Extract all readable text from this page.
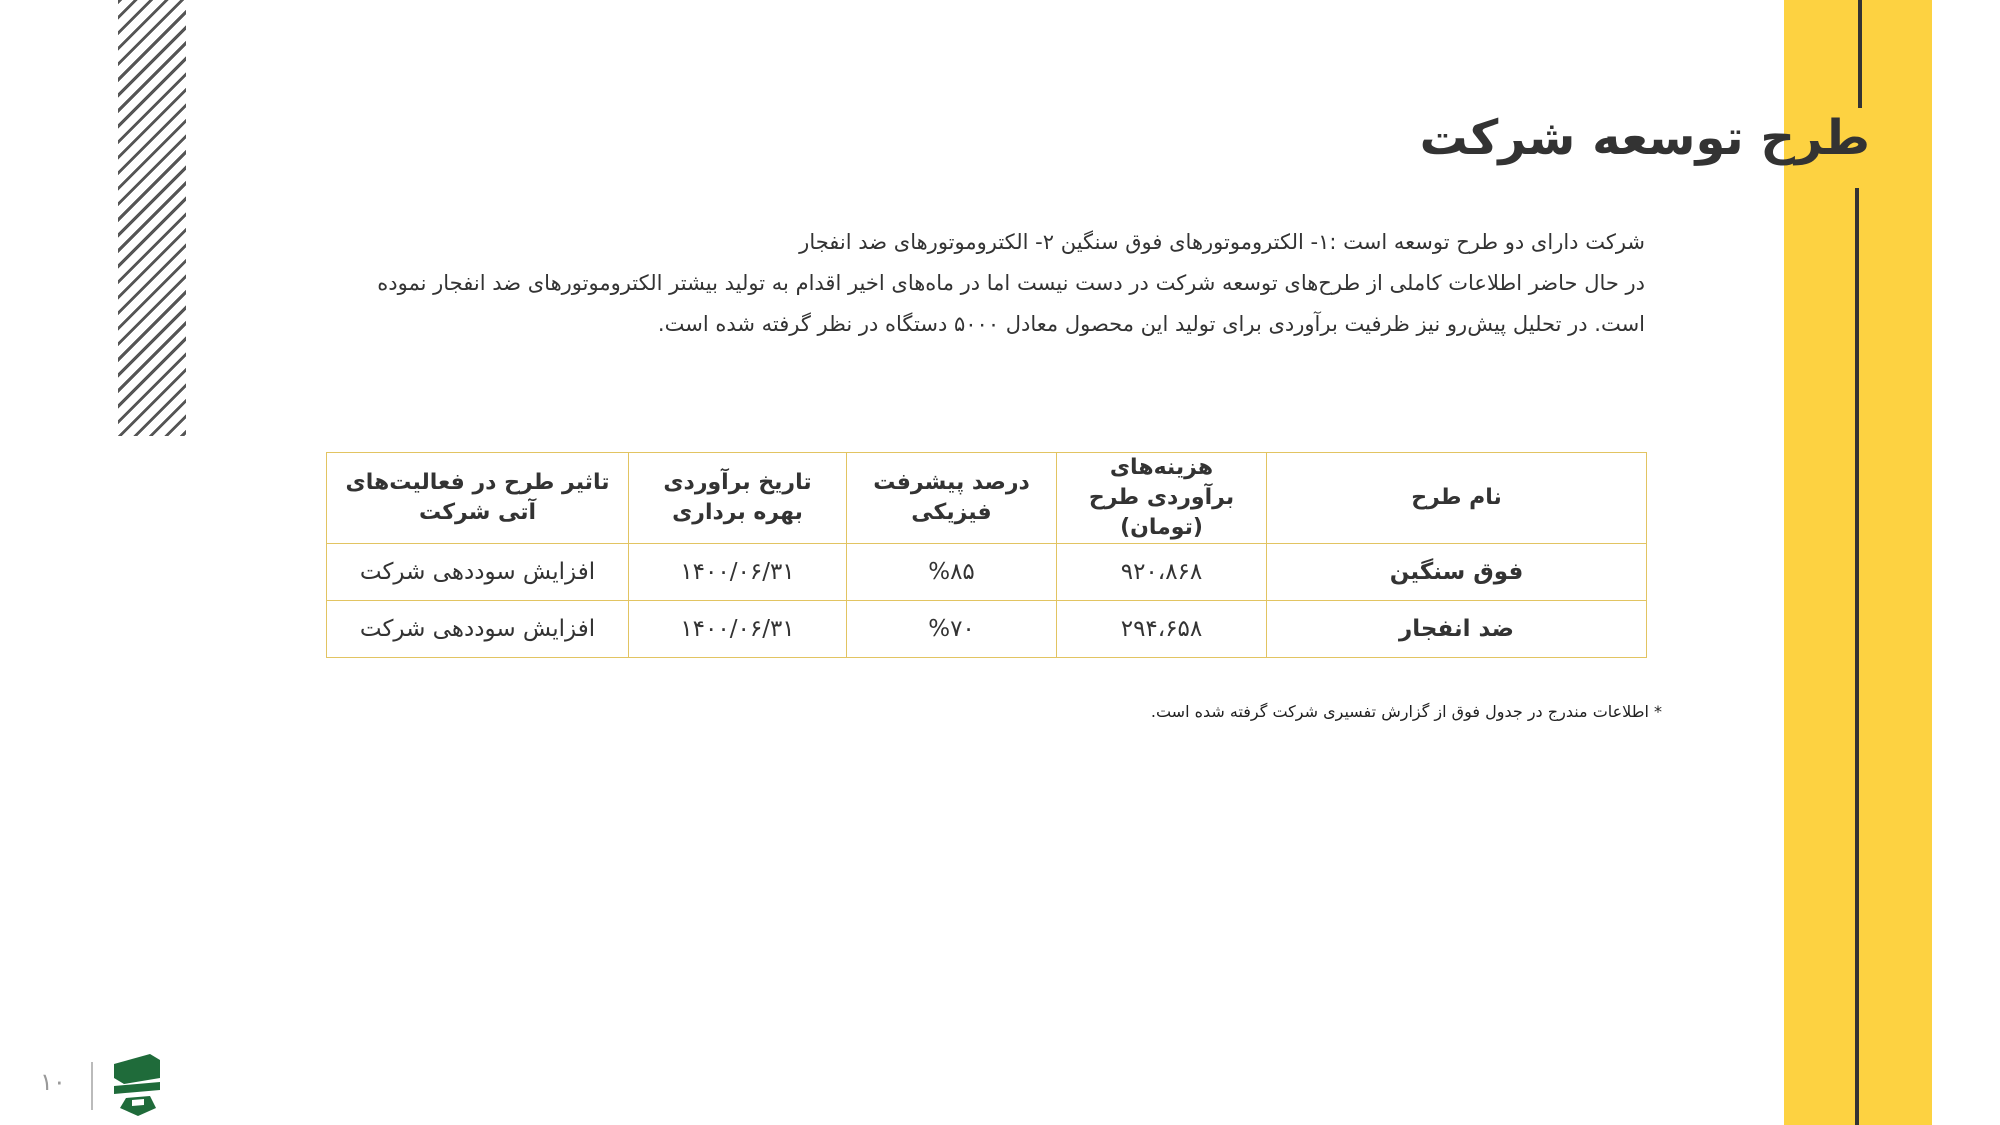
طرح توسعه شرکت

شرکت دارای دو طرح توسعه است :۱- الکتروموتورهای فوق سنگین ۲- الکتروموتورهای ضد انفجار

در حال حاضر اطلاعات کاملی از طرح‌های توسعه شرکت در دست نیست اما در ماه‌های اخیر اقدام به تولید بیشتر الکتروموتورهای ضد انفجار نموده

است. در تحلیل پیش‌رو نیز ظرفیت برآوردی برای تولید این محصول معادل ۵۰۰۰ دستگاه در نظر گرفته شده است.

نام طرح	هزینه‌های برآوردی طرح (تومان)	درصد پیشرفت فیزیکی	تاریخ برآوردی بهره برداری	تاثیر طرح در فعالیت‌های آتی شرکت
فوق سنگین	۹۲۰،۸۶۸	%۸۵	۱۴۰۰/۰۶/۳۱	افزایش سوددهی شرکت
ضد انفجار	۲۹۴،۶۵۸	%۷۰	۱۴۰۰/۰۶/۳۱	افزایش سوددهی شرکت
* اطلاعات مندرج در جدول فوق از گزارش تفسیری شرکت گرفته شده است.
۱۰
